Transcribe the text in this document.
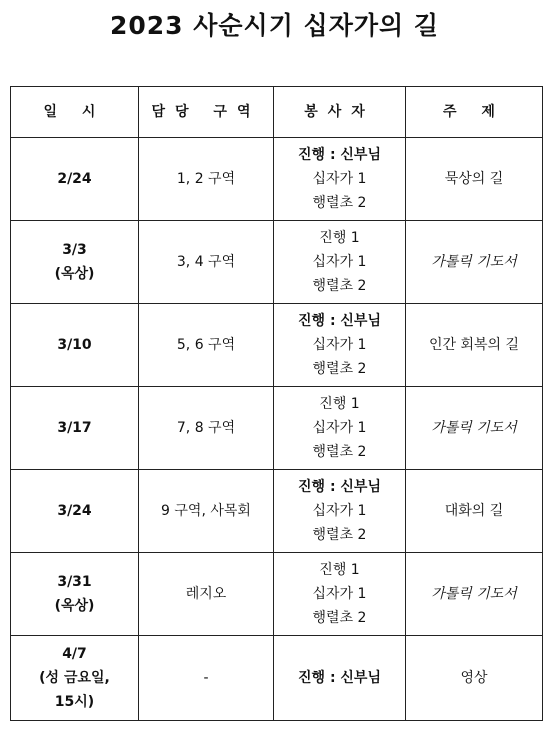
2023 사순시기 십자가의 길
일 시	담당 구역	봉사자	주 제

2/24	1, 2 구역	진행 : 신부님
십자가 1
행렬초 2	묵상의 길

3/3
(옥상)	3, 4 구역	진행 1
십자가 1
행렬초 2	가톨릭 기도서

3/10	5, 6 구역	진행 : 신부님
십자가 1
행렬초 2	인간 회복의 길

3/17	7, 8 구역	진행 1
십자가 1
행렬초 2	가톨릭 기도서

3/24	9 구역, 사목회	진행 : 신부님
십자가 1
행렬초 2	대화의 길

3/31
(옥상)	레지오	진행 1
십자가 1
행렬초 2	가톨릭 기도서

4/7
(성 금요일,
15시)	-	진행 : 신부님	영상
